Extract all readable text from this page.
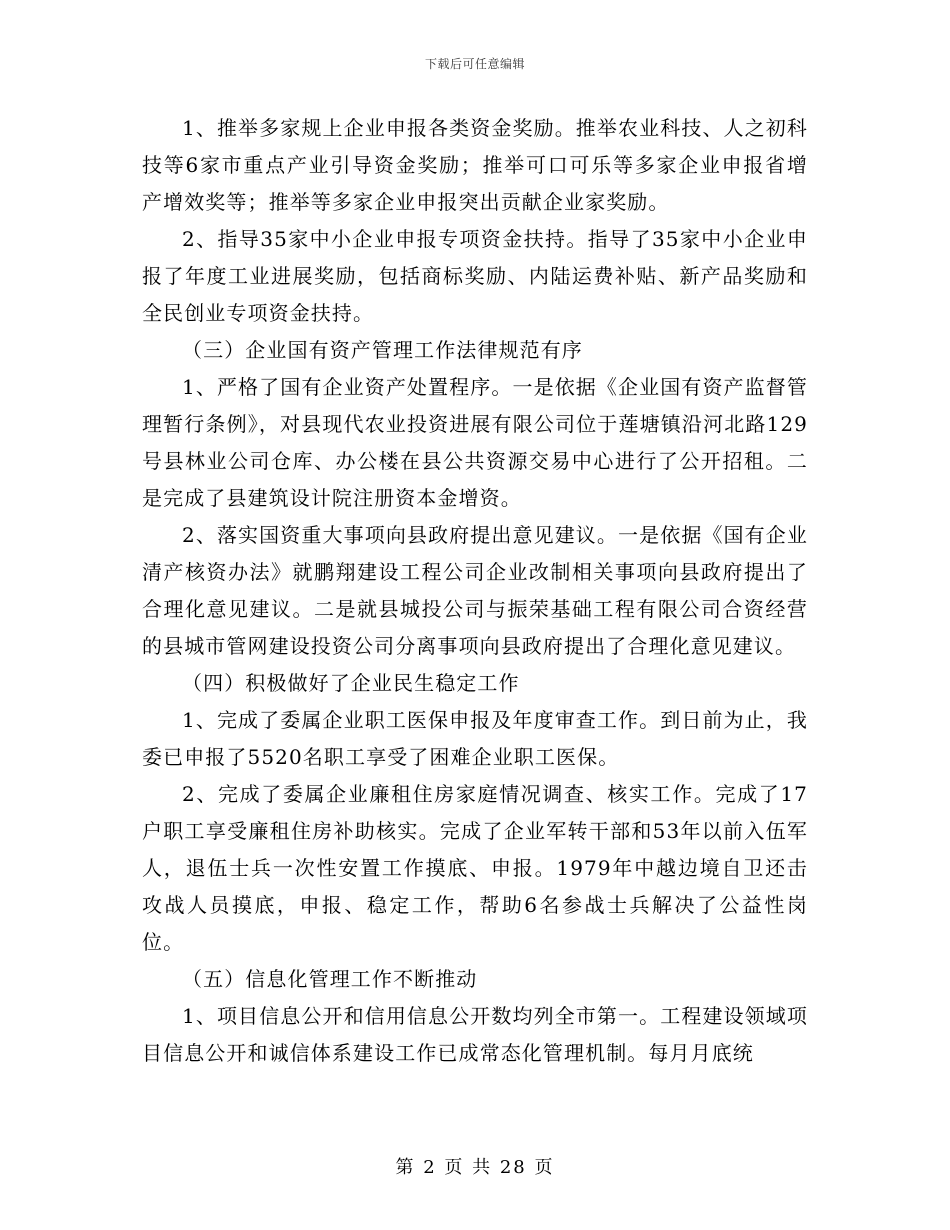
下载后可任意编辑

1、推举多家规上企业申报各类资金奖励。推举农业科技、人之初科技等6家市重点产业引导资金奖励；推举可口可乐等多家企业申报省增产增效奖等；推举等多家企业申报突出贡献企业家奖励。

2、指导35家中小企业申报专项资金扶持。指导了35家中小企业申报了年度工业进展奖励，包括商标奖励、内陆运费补贴、新产品奖励和全民创业专项资金扶持。

（三）企业国有资产管理工作法律规范有序

1、严格了国有企业资产处置程序。一是依据《企业国有资产监督管理暂行条例》，对县现代农业投资进展有限公司位于莲塘镇沿河北路129号县林业公司仓库、办公楼在县公共资源交易中心进行了公开招租。二是完成了县建筑设计院注册资本金增资。

2、落实国资重大事项向县政府提出意见建议。一是依据《国有企业清产核资办法》就鹏翔建设工程公司企业改制相关事项向县政府提出了合理化意见建议。二是就县城投公司与振荣基础工程有限公司合资经营的县城市管网建设投资公司分离事项向县政府提出了合理化意见建议。

（四）积极做好了企业民生稳定工作

1、完成了委属企业职工医保申报及年度审查工作。到日前为止，我委已申报了5520名职工享受了困难企业职工医保。

2、完成了委属企业廉租住房家庭情况调查、核实工作。完成了17户职工享受廉租住房补助核实。完成了企业军转干部和53年以前入伍军人，退伍士兵一次性安置工作摸底、申报。1979年中越边境自卫还击攻战人员摸底，申报、稳定工作，帮助6名参战士兵解决了公益性岗位。

（五）信息化管理工作不断推动

1、项目信息公开和信用信息公开数均列全市第一。工程建设领域项目信息公开和诚信体系建设工作已成常态化管理机制。每月月底统

第 2 页 共 28 页
